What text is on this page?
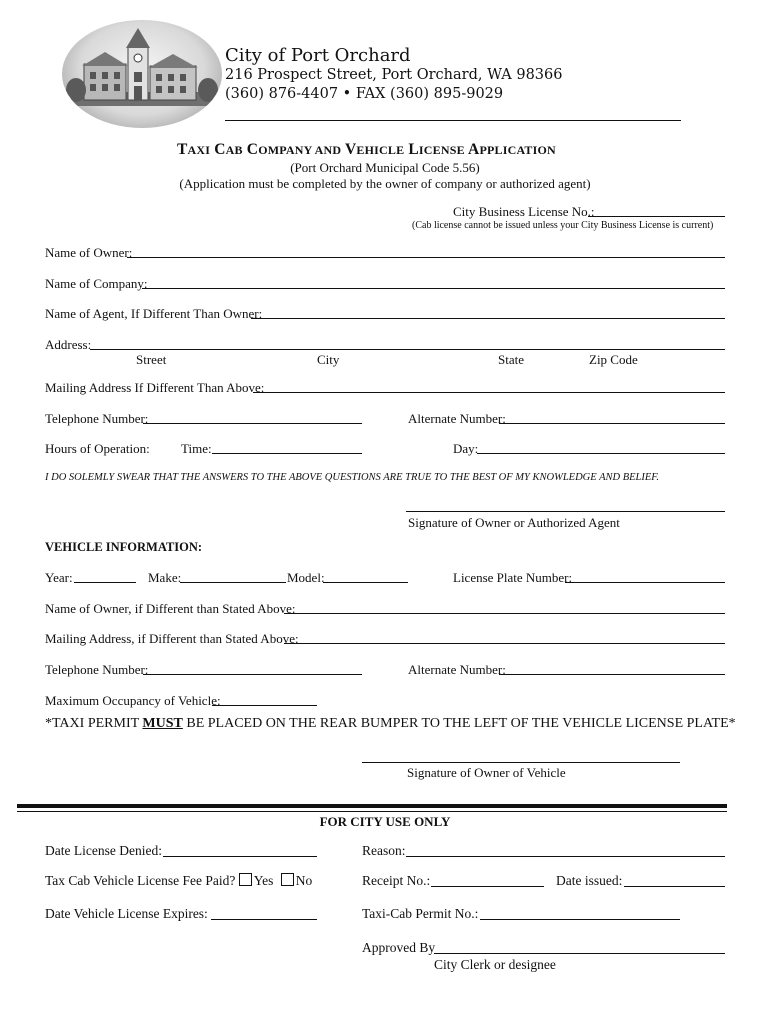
City of Port Orchard
216 Prospect Street, Port Orchard, WA 98366
(360) 876-4407 • FAX (360) 895-9029
TAXI CAB COMPANY AND VEHICLE LICENSE APPLICATION
(Port Orchard Municipal Code 5.56)
(Application must be completed by the owner of company or authorized agent)
City Business License No.:
(Cab license cannot be issued unless your City Business License is current)
Name of Owner:
Name of Company:
Name of Agent, If Different Than Owner:
Address:
Street	City	State	Zip Code
Mailing Address If Different Than Above:
Telephone Number:	Alternate Number:
Hours of Operation: Time:	Day:
I DO SOLEMLY SWEAR THAT THE ANSWERS TO THE ABOVE QUESTIONS ARE TRUE TO THE BEST OF MY KNOWLEDGE AND BELIEF.
Signature of Owner or Authorized Agent
VEHICLE INFORMATION:
Year:	Make:	Model:	License Plate Number:
Name of Owner, if Different than Stated Above:
Mailing Address, if Different than Stated Above:
Telephone Number:	Alternate Number:
Maximum Occupancy of Vehicle:
*TAXI PERMIT MUST BE PLACED ON THE REAR BUMPER TO THE LEFT OF THE VEHICLE LICENSE PLATE*
Signature of Owner of Vehicle
FOR CITY USE ONLY
Date License Denied:	Reason:
Tax Cab Vehicle License Fee Paid? Yes No	Receipt No.:	Date issued:
Date Vehicle License Expires:	Taxi-Cab Permit No.:
Approved By
City Clerk or designee
